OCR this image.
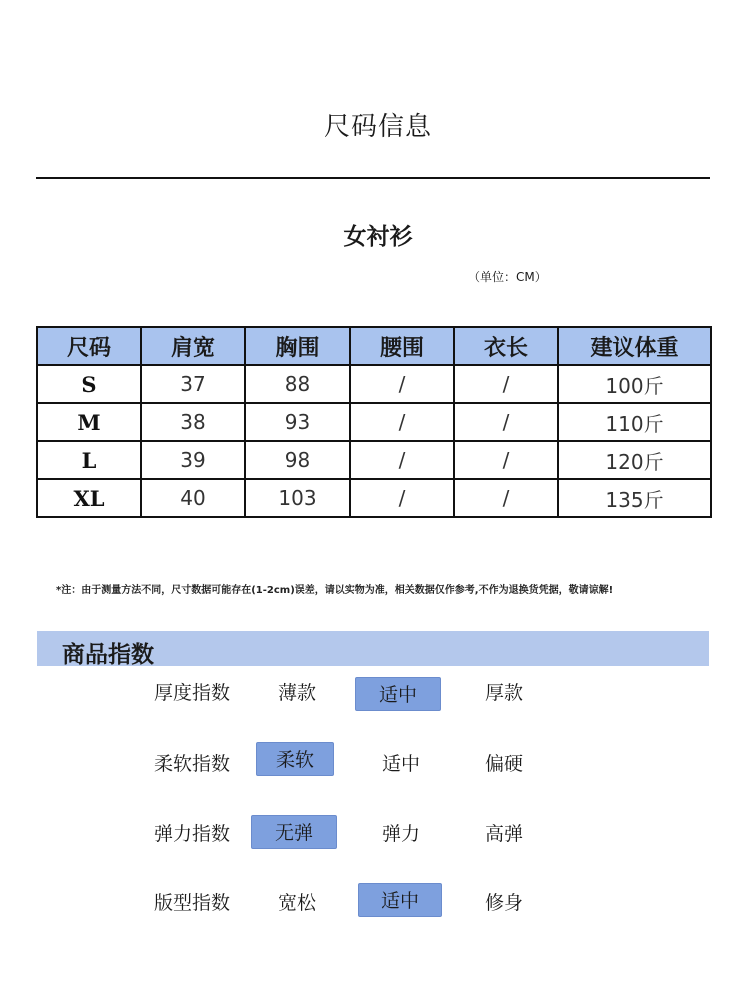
尺码信息
女衬衫
（单位：CM）
尺码	肩宽	胸围	腰围	衣长	建议体重
S	37	88	/	/	100斤
M	38	93	/	/	110斤
L	39	98	/	/	120斤
XL	40	103	/	/	135斤
*注：由于测量方法不同，尺寸数据可能存在(1-2cm)误差，请以实物为准，相关数据仅作参考,不作为退换货凭据，敬请谅解!
商品指数
厚度指数	薄款	适中	厚款
柔软指数	柔软	适中	偏硬
弹力指数	无弹	弹力	高弹
版型指数	宽松	适中	修身
